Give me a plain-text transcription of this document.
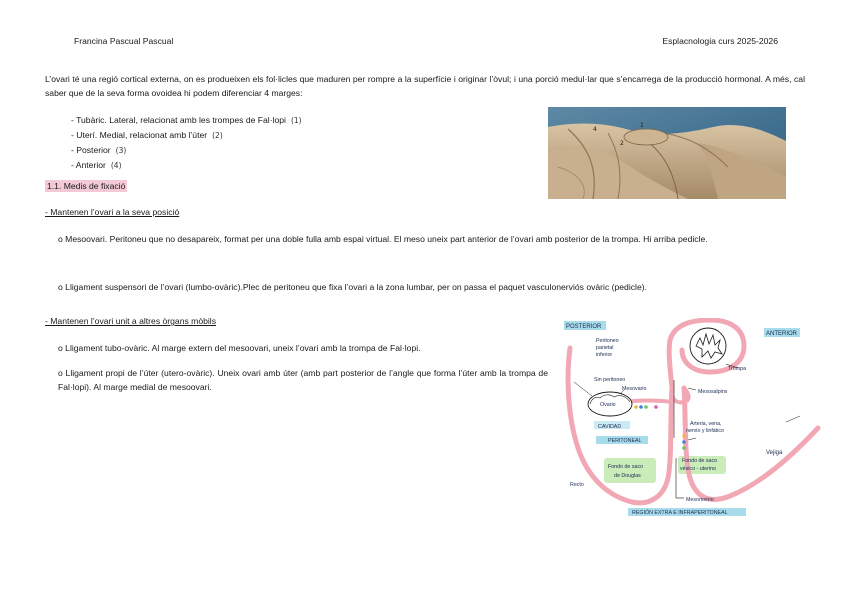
Francina Pascual Pascual	Esplacnologia curs 2025-2026

L’ovari té una regió cortical externa, on es produeixen els fol·licles que maduren per rompre a la superfície i originar l’òvul; i una porció medul·lar que s’encarrega de la producció hormonal. A més, cal saber que de la seva forma ovoidea hi podem diferenciar 4 marges:

- Tubàric. Lateral, relacionat amb les trompes de Fal·lopi (1)
- Uterí. Medial, relacionat amb l’úter (2)
- Posterior (3)
- Anterior (4)
4
1
2
1.1. Medis de fixació

- Mantenen l’ovari a la seva posició

o Mesoovari. Peritoneu que no desapareix, format per una doble fulla amb espai virtual. El meso uneix part anterior de l’ovari amb posterior de la trompa. Hi arriba pedicle.

o Lligament suspensori de l’ovari (lumbo-ovàric).Plec de peritoneu que fixa l’ovari a la zona lumbar, per on passa el paquet vasculonerviós ovàric (pedicle).

- Mantenen l’ovari unit a altres òrgans mòbils

o Lligament tubo-ovàric. Al marge extern del mesoovari, uneix l’ovari amb la trompa de Fal·lopi.

o Lligament propi de l’úter (utero-ovàric). Uneix ovari amb úter (amb part posterior de l’angle que forma l’úter amb la trompa de Fal·lopi). Al marge medial de mesoovari.

POSTERIOR
ANTERIOR
Peritoneo
parietal
inferior
Trompa
Sin peritoneo
Mesovario
Ovario
Mesosalpinx
Arteria, vena,
nervio y linfático
CAVIDAD
PERITONEAL
Fondo de saco
de Douglas
Fondo de saco
vésico - uterino
Vejiga
Recto
Mesometrio
REGIÓN EXTRA E INFRAPERITONEAL
